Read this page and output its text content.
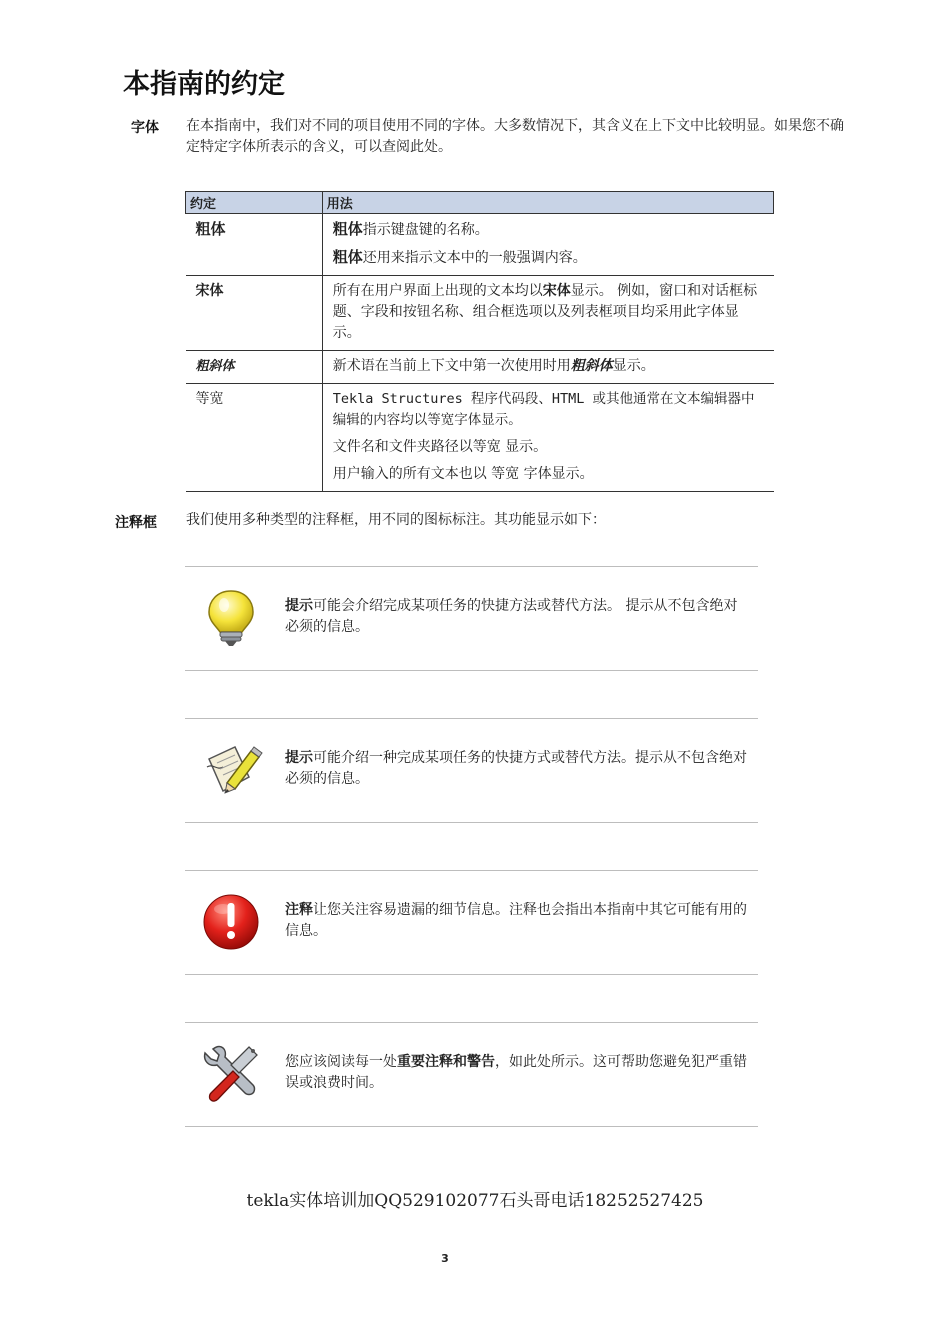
本指南的约定
字体 在本指南中，我们对不同的项目使用不同的字体。大多数情况下，其含义在上下文中比较明显。如果您不确定特定字体所表示的含义，可以查阅此处。
约定	用法
粗体	粗体指示键盘键的名称。
粗体还用来指示文本中的一般强调内容。

宋体	所有在用户界面上出现的文本均以宋体显示。 例如，窗口和对话框标题、字段和按钮名称、组合框选项以及列表框项目均采用此字体显示。
粗斜体	新术语在当前上下文中第一次使用时用粗斜体显示。
等宽	Tekla Structures 程序代码段、HTML 或其他通常在文本编辑器中编辑的内容均以等宽字体显示。
文件名和文件夹路径以等宽 显示。
用户输入的所有文本也以 等宽 字体显示。
注释框 我们使用多种类型的注释框，用不同的图标标注。其功能显示如下：
提示可能会介绍完成某项任务的快捷方法或替代方法。 提示从不包含绝对必须的信息。
提示可能介绍一种完成某项任务的快捷方式或替代方法。提示从不包含绝对必须的信息。
注释让您关注容易遗漏的细节信息。注释也会指出本指南中其它可能有用的信息。
您应该阅读每一处重要注释和警告，如此处所示。这可帮助您避免犯严重错误或浪费时间。
tekla实体培训加QQ529102077石头哥电话18252527425
3
